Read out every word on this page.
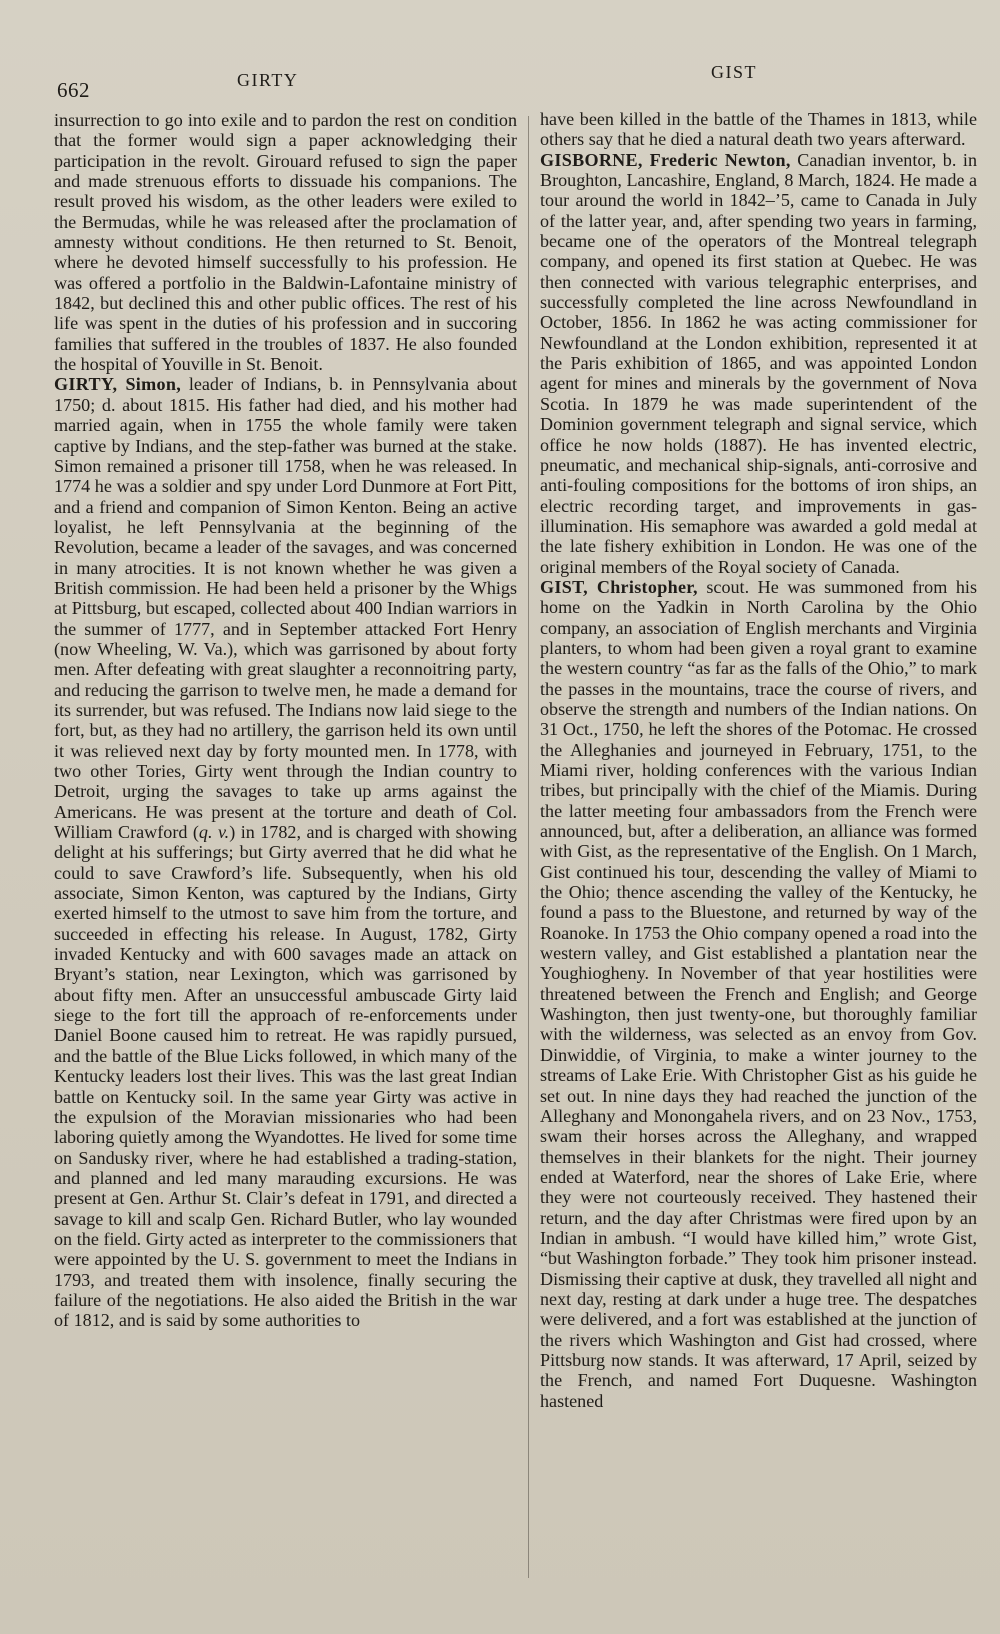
662	GIRTY	GIST

insurrection to go into exile and to pardon the rest on condition that the former would sign a paper acknowledging their participation in the revolt. Girouard refused to sign the paper and made strenuous efforts to dissuade his companions. The result proved his wisdom, as the other leaders were exiled to the Bermudas, while he was released after the proclamation of amnesty without conditions. He then returned to St. Benoit, where he devoted himself successfully to his profession. He was offered a portfolio in the Baldwin-Lafontaine ministry of 1842, but declined this and other public offices. The rest of his life was spent in the duties of his profession and in succoring families that suffered in the troubles of 1837. He also founded the hospital of Youville in St. Benoit.

GIRTY, Simon, leader of Indians, b. in Pennsylvania about 1750; d. about 1815. His father had died, and his mother had married again, when in 1755 the whole family were taken captive by Indians, and the step-father was burned at the stake. Simon remained a prisoner till 1758, when he was released. In 1774 he was a soldier and spy under Lord Dunmore at Fort Pitt, and a friend and companion of Simon Kenton. Being an active loyalist, he left Pennsylvania at the beginning of the Revolution, became a leader of the savages, and was concerned in many atrocities. It is not known whether he was given a British commission. He had been held a prisoner by the Whigs at Pittsburg, but escaped, collected about 400 Indian warriors in the summer of 1777, and in September attacked Fort Henry (now Wheeling, W. Va.), which was garrisoned by about forty men. After defeating with great slaughter a reconnoitring party, and reducing the garrison to twelve men, he made a demand for its surrender, but was refused. The Indians now laid siege to the fort, but, as they had no artillery, the garrison held its own until it was relieved next day by forty mounted men. In 1778, with two other Tories, Girty went through the Indian country to Detroit, urging the savages to take up arms against the Americans. He was present at the torture and death of Col. William Crawford (q. v.) in 1782, and is charged with showing delight at his sufferings; but Girty averred that he did what he could to save Crawford’s life. Subsequently, when his old associate, Simon Kenton, was captured by the Indians, Girty exerted himself to the utmost to save him from the torture, and succeeded in effecting his release. In August, 1782, Girty invaded Kentucky and with 600 savages made an attack on Bryant’s station, near Lexington, which was garrisoned by about fifty men. After an unsuccessful ambuscade Girty laid siege to the fort till the approach of re-enforcements under Daniel Boone caused him to retreat. He was rapidly pursued, and the battle of the Blue Licks followed, in which many of the Kentucky leaders lost their lives. This was the last great Indian battle on Kentucky soil. In the same year Girty was active in the expulsion of the Moravian missionaries who had been laboring quietly among the Wyandottes. He lived for some time on Sandusky river, where he had established a trading-station, and planned and led many marauding excursions. He was present at Gen. Arthur St. Clair’s defeat in 1791, and directed a savage to kill and scalp Gen. Richard Butler, who lay wounded on the field. Girty acted as interpreter to the commissioners that were appointed by the U. S. government to meet the Indians in 1793, and treated them with insolence, finally securing the failure of the negotiations. He also aided the British in the war of 1812, and is said by some authorities to

have been killed in the battle of the Thames in 1813, while others say that he died a natural death two years afterward.

GISBORNE, Frederic Newton, Canadian inventor, b. in Broughton, Lancashire, England, 8 March, 1824. He made a tour around the world in 1842–’5, came to Canada in July of the latter year, and, after spending two years in farming, became one of the operators of the Montreal telegraph company, and opened its first station at Quebec. He was then connected with various telegraphic enterprises, and successfully completed the line across Newfoundland in October, 1856. In 1862 he was acting commissioner for Newfoundland at the London exhibition, represented it at the Paris exhibition of 1865, and was appointed London agent for mines and minerals by the government of Nova Scotia. In 1879 he was made superintendent of the Dominion government telegraph and signal service, which office he now holds (1887). He has invented electric, pneumatic, and mechanical ship-signals, anti-corrosive and anti-fouling compositions for the bottoms of iron ships, an electric recording target, and improvements in gas-illumination. His semaphore was awarded a gold medal at the late fishery exhibition in London. He was one of the original members of the Royal society of Canada.

GIST, Christopher, scout. He was summoned from his home on the Yadkin in North Carolina by the Ohio company, an association of English merchants and Virginia planters, to whom had been given a royal grant to examine the western country “as far as the falls of the Ohio,” to mark the passes in the mountains, trace the course of rivers, and observe the strength and numbers of the Indian nations. On 31 Oct., 1750, he left the shores of the Potomac. He crossed the Alleghanies and journeyed in February, 1751, to the Miami river, holding conferences with the various Indian tribes, but principally with the chief of the Miamis. During the latter meeting four ambassadors from the French were announced, but, after a deliberation, an alliance was formed with Gist, as the representative of the English. On 1 March, Gist continued his tour, descending the valley of Miami to the Ohio; thence ascending the valley of the Kentucky, he found a pass to the Bluestone, and returned by way of the Roanoke. In 1753 the Ohio company opened a road into the western valley, and Gist established a plantation near the Youghiogheny. In November of that year hostilities were threatened between the French and English; and George Washington, then just twenty-one, but thoroughly familiar with the wilderness, was selected as an envoy from Gov. Dinwiddie, of Virginia, to make a winter journey to the streams of Lake Erie. With Christopher Gist as his guide he set out. In nine days they had reached the junction of the Alleghany and Monongahela rivers, and on 23 Nov., 1753, swam their horses across the Alleghany, and wrapped themselves in their blankets for the night. Their journey ended at Waterford, near the shores of Lake Erie, where they were not courteously received. They hastened their return, and the day after Christmas were fired upon by an Indian in ambush. “I would have killed him,” wrote Gist, “but Washington forbade.” They took him prisoner instead. Dismissing their captive at dusk, they travelled all night and next day, resting at dark under a huge tree. The despatches were delivered, and a fort was established at the junction of the rivers which Washington and Gist had crossed, where Pittsburg now stands. It was afterward, 17 April, seized by the French, and named Fort Duquesne. Washington hastened
